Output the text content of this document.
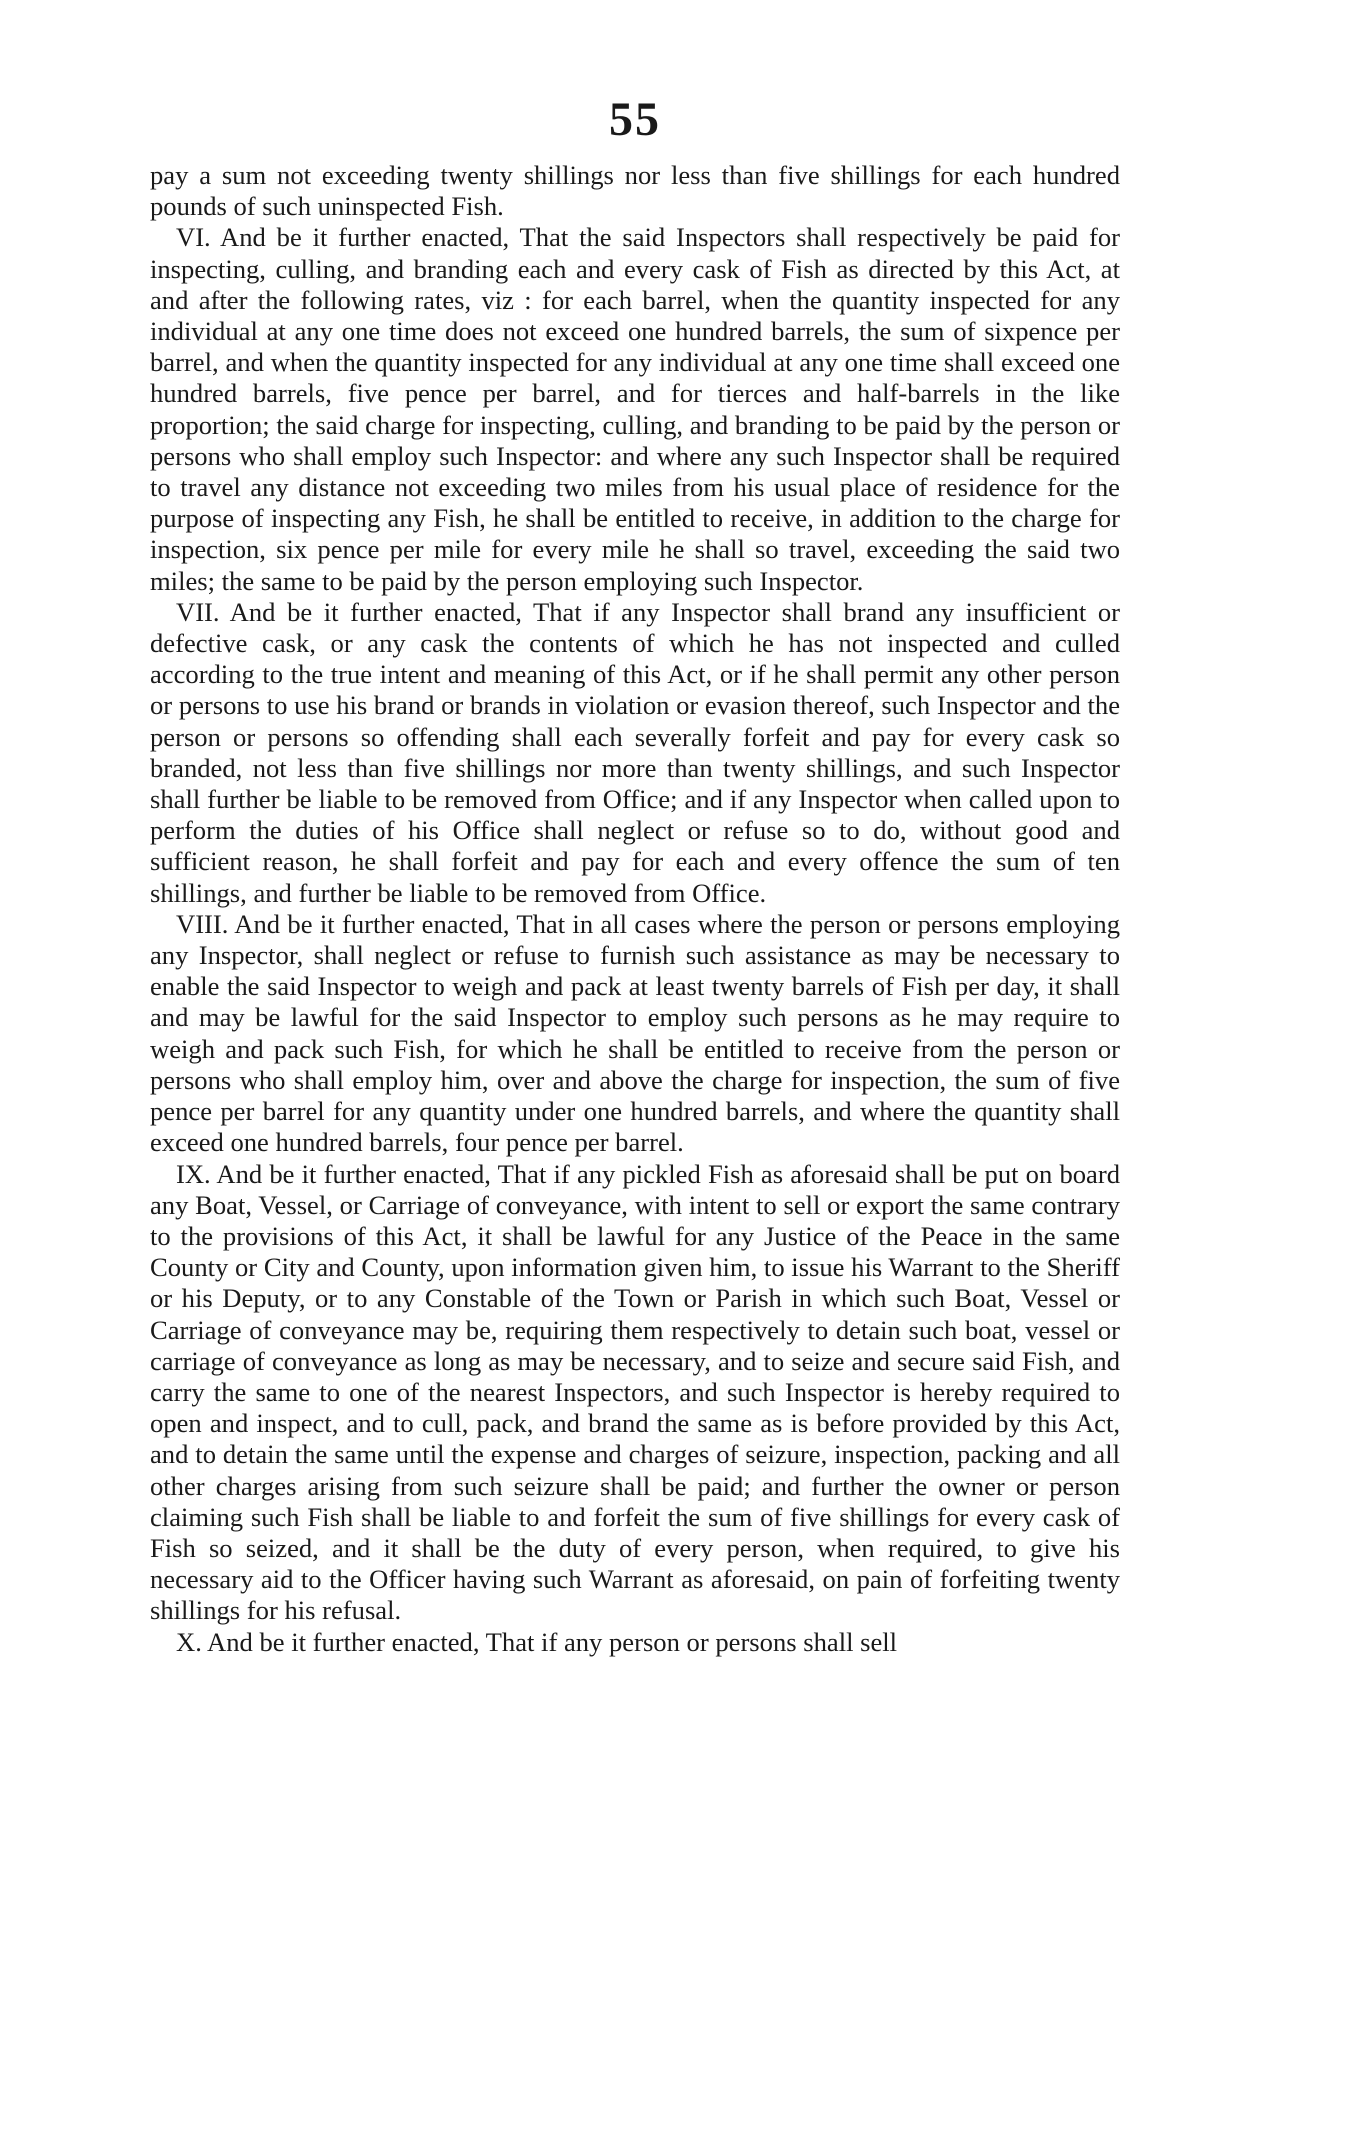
55

pay a sum not exceeding twenty shillings nor less than five shillings for each hundred pounds of such uninspected Fish.

VI. And be it further enacted, That the said Inspectors shall respectively be paid for inspecting, culling, and branding each and every cask of Fish as directed by this Act, at and after the following rates, viz : for each barrel, when the quantity inspected for any individual at any one time does not exceed one hundred barrels, the sum of sixpence per barrel, and when the quantity inspected for any individual at any one time shall exceed one hundred barrels, five pence per barrel, and for tierces and half-barrels in the like proportion; the said charge for inspecting, culling, and branding to be paid by the person or persons who shall employ such Inspector: and where any such Inspector shall be required to travel any distance not exceeding two miles from his usual place of residence for the purpose of inspecting any Fish, he shall be entitled to receive, in addition to the charge for inspection, six pence per mile for every mile he shall so travel, exceeding the said two miles; the same to be paid by the person employing such Inspector.

VII. And be it further enacted, That if any Inspector shall brand any insufficient or defective cask, or any cask the contents of which he has not inspected and culled according to the true intent and meaning of this Act, or if he shall permit any other person or persons to use his brand or brands in violation or evasion thereof, such Inspector and the person or persons so offending shall each severally forfeit and pay for every cask so branded, not less than five shillings nor more than twenty shillings, and such Inspector shall further be liable to be removed from Office; and if any Inspector when called upon to perform the duties of his Office shall neglect or refuse so to do, without good and sufficient reason, he shall forfeit and pay for each and every offence the sum of ten shillings, and further be liable to be removed from Office.

VIII. And be it further enacted, That in all cases where the person or persons employing any Inspector, shall neglect or refuse to furnish such assistance as may be necessary to enable the said Inspector to weigh and pack at least twenty barrels of Fish per day, it shall and may be lawful for the said Inspector to employ such persons as he may require to weigh and pack such Fish, for which he shall be entitled to receive from the person or persons who shall employ him, over and above the charge for inspection, the sum of five pence per barrel for any quantity under one hundred barrels, and where the quantity shall exceed one hundred barrels, four pence per barrel.

IX. And be it further enacted, That if any pickled Fish as aforesaid shall be put on board any Boat, Vessel, or Carriage of conveyance, with intent to sell or export the same contrary to the provisions of this Act, it shall be lawful for any Justice of the Peace in the same County or City and County, upon information given him, to issue his Warrant to the Sheriff or his Deputy, or to any Constable of the Town or Parish in which such Boat, Vessel or Carriage of conveyance may be, requiring them respectively to detain such boat, vessel or carriage of conveyance as long as may be necessary, and to seize and secure said Fish, and carry the same to one of the nearest Inspectors, and such Inspector is hereby required to open and inspect, and to cull, pack, and brand the same as is before provided by this Act, and to detain the same until the expense and charges of seizure, inspection, packing and all other charges arising from such seizure shall be paid; and further the owner or person claiming such Fish shall be liable to and forfeit the sum of five shillings for every cask of Fish so seized, and it shall be the duty of every person, when required, to give his necessary aid to the Officer having such Warrant as aforesaid, on pain of forfeiting twenty shillings for his refusal.

X. And be it further enacted, That if any person or persons shall sell
